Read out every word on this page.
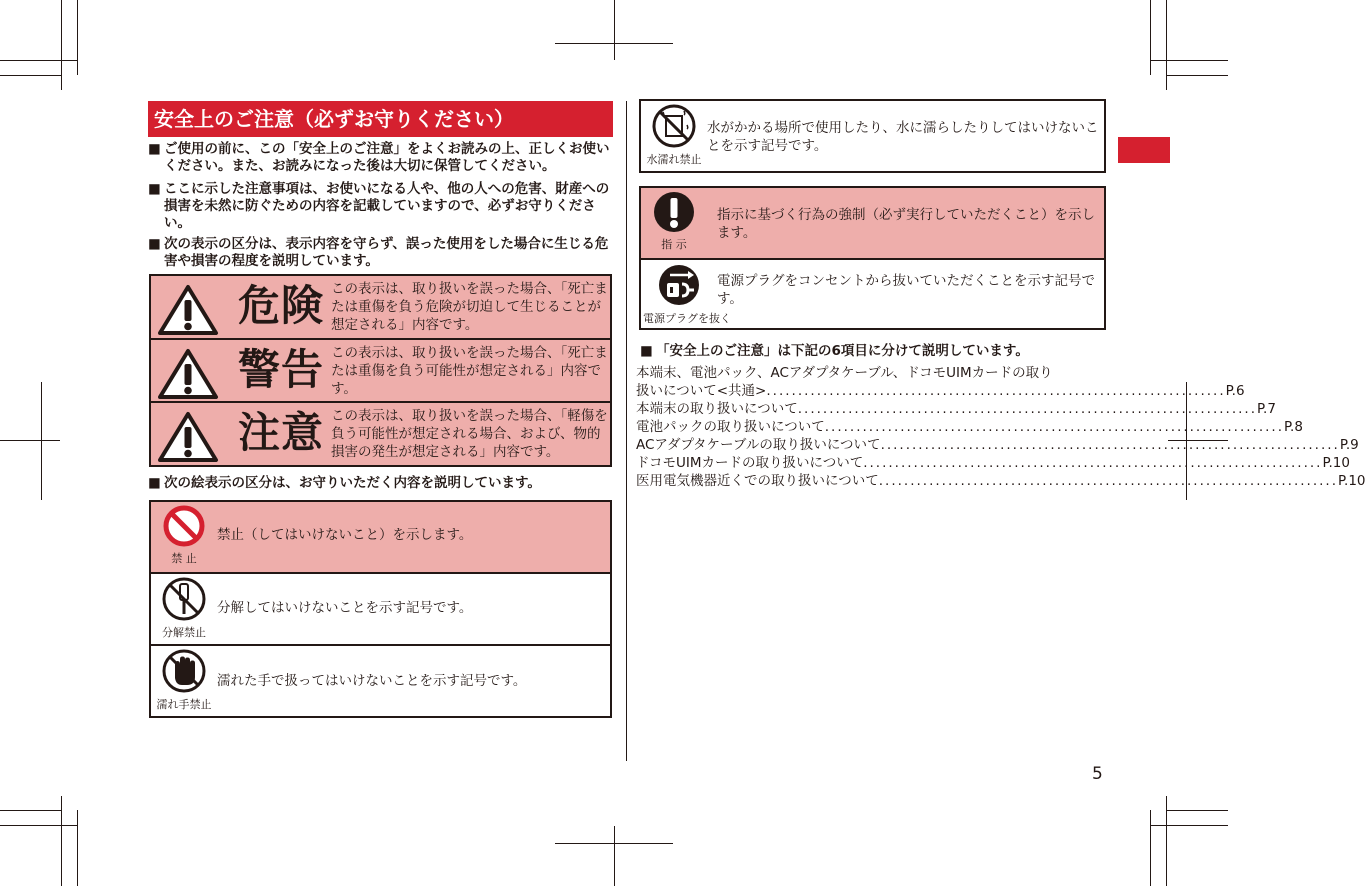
安全上のご注意（必ずお守りください）
■ ご使用の前に、この「安全上のご注意」をよくお読みの上、正しくお使いください。また、お読みになった後は大切に保管してください。
■ ここに示した注意事項は、お使いになる人や、他の人への危害、財産への損害を未然に防ぐための内容を記載していますので、必ずお守りください。
■ 次の表示の区分は、表示内容を守らず、誤った使用をした場合に生じる危害や損害の程度を説明しています。
危険 この表示は、取り扱いを誤った場合、「死亡または重傷を負う危険が切迫して生じることが想定される」内容です。
警告 この表示は、取り扱いを誤った場合、「死亡または重傷を負う可能性が想定される」内容です。
注意 この表示は、取り扱いを誤った場合、「軽傷を負う可能性が想定される場合、および、物的損害の発生が想定される」内容です。
■ 次の絵表示の区分は、お守りいただく内容を説明しています。
禁 止
禁止（してはいけないこと）を示します。
分解禁止
分解してはいけないことを示す記号です。
濡れ手禁止
濡れた手で扱ってはいけないことを示す記号です。
水濡れ禁止
水がかかる場所で使用したり、水に濡らしたりしてはいけないことを示す記号です。
指 示
指示に基づく行為の強制（必ず実行していただくこと）を示します。
電源プラグを抜く
電源プラグをコンセントから抜いていただくことを示す記号です。
■ 「安全上のご注意」は下記の6項目に分けて説明しています。
本端末、電池パック、ACアダプタケーブル、ドコモUIMカードの取り
扱いについて<共通> ......................................................................... P.6
本端末の取り扱いについて ......................................................................... P.7
電池パックの取り扱いについて ......................................................................... P.8
ACアダプタケーブルの取り扱いについて ......................................................................... P.9
ドコモUIMカードの取り扱いについて ......................................................................... P.10
医用電気機器近くでの取り扱いについて ......................................................................... P.10
5
